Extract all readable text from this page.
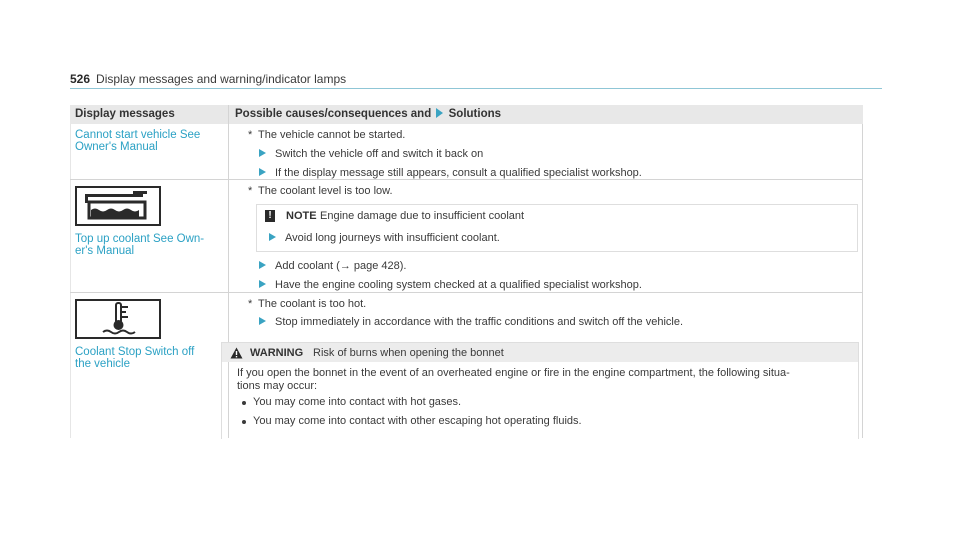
526 Display messages and warning/indicator lamps
Display messages	Possible causes/consequences and Solutions
Cannot start vehicle See
Owner's Manual
* The vehicle cannot be started.
Switch the vehicle off and switch it back on
If the display message still appears, consult a qualified specialist workshop.
Top up coolant See Own-
er's Manual
* The coolant level is too low.
!	NOTE Engine damage due to insufficient coolant
Avoid long journeys with insufficient coolant.
Add coolant (→ page 428).
Have the engine cooling system checked at a qualified specialist workshop.
Coolant Stop Switch off
the vehicle
* The coolant is too hot.
Stop immediately in accordance with the traffic conditions and switch off the vehicle.
WARNING Risk of burns when opening the bonnet
If you open the bonnet in the event of an overheated engine or fire in the engine compartment, the following situa-
tions may occur:
You may come into contact with hot gases.
You may come into contact with other escaping hot operating fluids.
